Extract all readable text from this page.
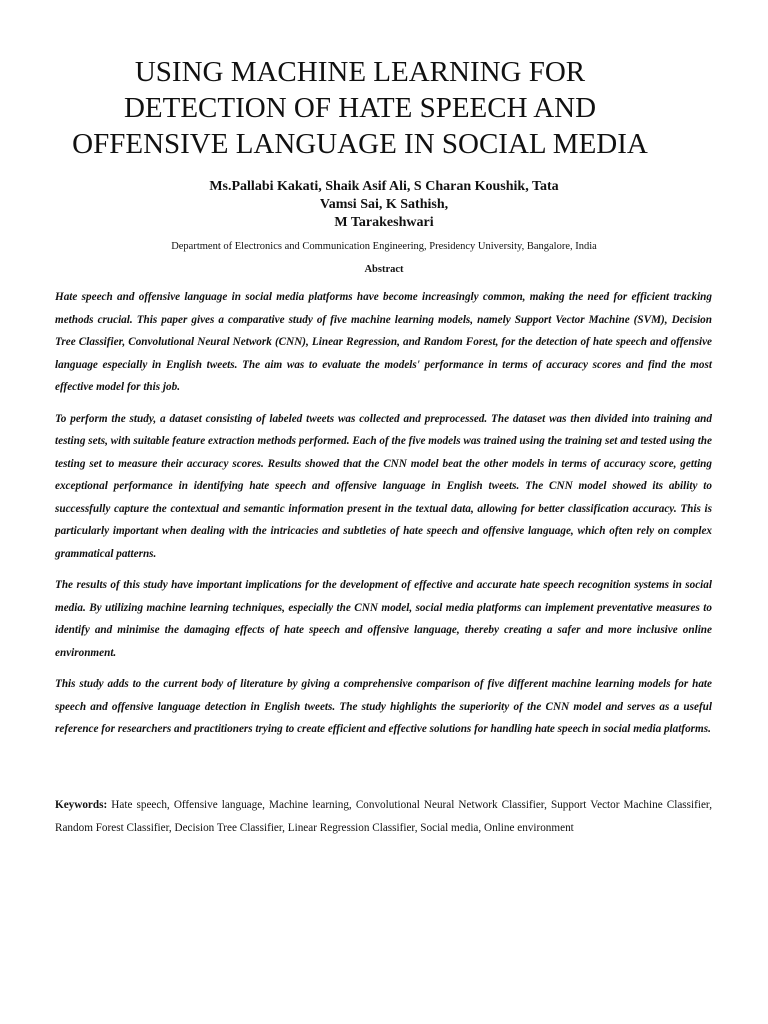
USING MACHINE LEARNING FOR
DETECTION OF HATE SPEECH AND
OFFENSIVE LANGUAGE IN SOCIAL MEDIA
Ms.Pallabi Kakati, Shaik Asif Ali, S Charan Koushik, Tata
Vamsi Sai, K Sathish,
M Tarakeshwari
Department of Electronics and Communication Engineering, Presidency University, Bangalore, India
Abstract

Hate speech and offensive language in social media platforms have become increasingly common, making the need for efficient tracking methods crucial. This paper gives a comparative study of five machine learning models, namely Support Vector Machine (SVM), Decision Tree Classifier, Convolutional Neural Network (CNN), Linear Regression, and Random Forest, for the detection of hate speech and offensive language especially in English tweets. The aim was to evaluate the models' performance in terms of accuracy scores and find the most effective model for this job.

To perform the study, a dataset consisting of labeled tweets was collected and preprocessed. The dataset was then divided into training and testing sets, with suitable feature extraction methods performed. Each of the five models was trained using the training set and tested using the testing set to measure their accuracy scores. Results showed that the CNN model beat the other models in terms of accuracy score, getting exceptional performance in identifying hate speech and offensive language in English tweets. The CNN model showed its ability to successfully capture the contextual and semantic information present in the textual data, allowing for better classification accuracy. This is particularly important when dealing with the intricacies and subtleties of hate speech and offensive language, which often rely on complex grammatical patterns.

The results of this study have important implications for the development of effective and accurate hate speech recognition systems in social media. By utilizing machine learning techniques, especially the CNN model, social media platforms can implement preventative measures to identify and minimise the damaging effects of hate speech and offensive language, thereby creating a safer and more inclusive online environment.

This study adds to the current body of literature by giving a comprehensive comparison of five different machine learning models for hate speech and offensive language detection in English tweets. The study highlights the superiority of the CNN model and serves as a useful reference for researchers and practitioners trying to create efficient and effective solutions for handling hate speech in social media platforms.

Keywords: Hate speech, Offensive language, Machine learning, Convolutional Neural Network Classifier, Support Vector Machine Classifier, Random Forest Classifier, Decision Tree Classifier, Linear Regression Classifier, Social media, Online environment
